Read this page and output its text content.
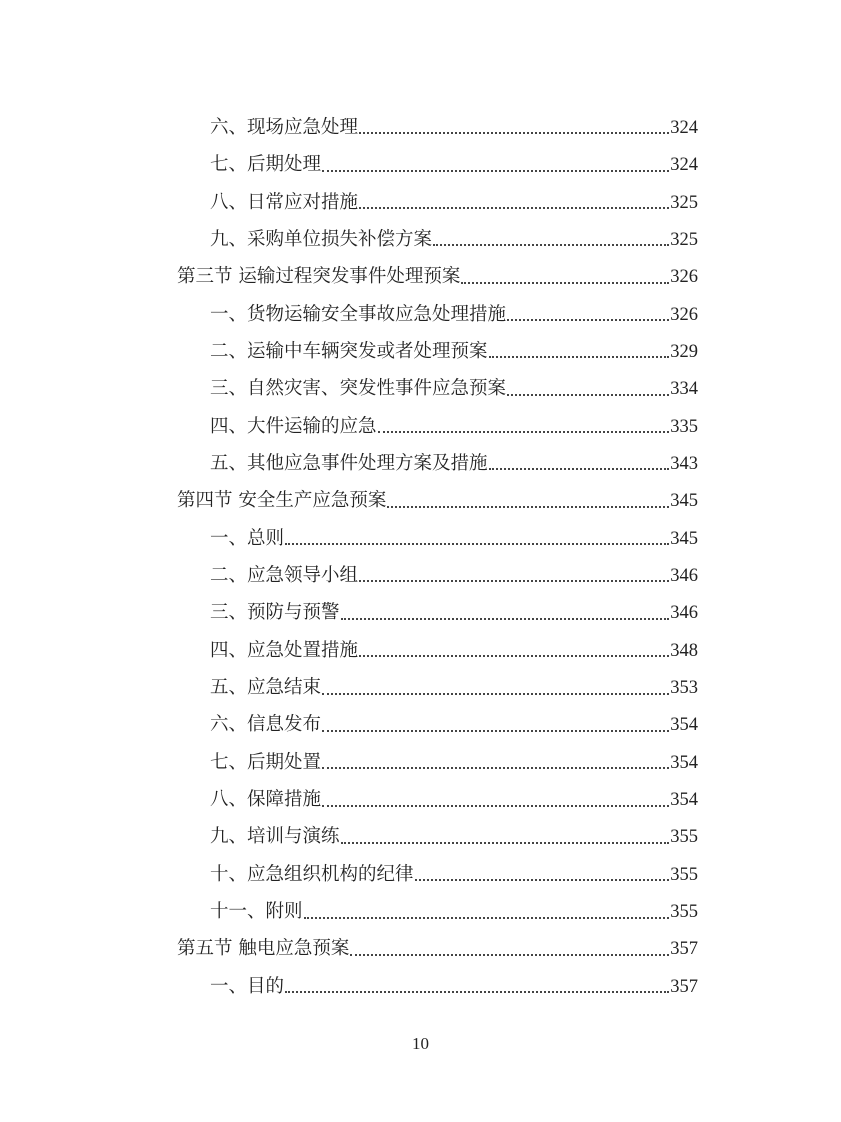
六、现场应急处理	324
七、后期处理	324
八、日常应对措施	325
九、采购单位损失补偿方案	325
第三节 运输过程突发事件处理预案	326
一、货物运输安全事故应急处理措施	326
二、运输中车辆突发或者处理预案	329
三、自然灾害、突发性事件应急预案	334
四、大件运输的应急	335
五、其他应急事件处理方案及措施	343
第四节 安全生产应急预案	345
一、总则	345
二、应急领导小组	346
三、预防与预警	346
四、应急处置措施	348
五、应急结束	353
六、信息发布	354
七、后期处置	354
八、保障措施	354
九、培训与演练	355
十、应急组织机构的纪律	355
十一、附则	355
第五节 触电应急预案	357
一、目的	357
10
